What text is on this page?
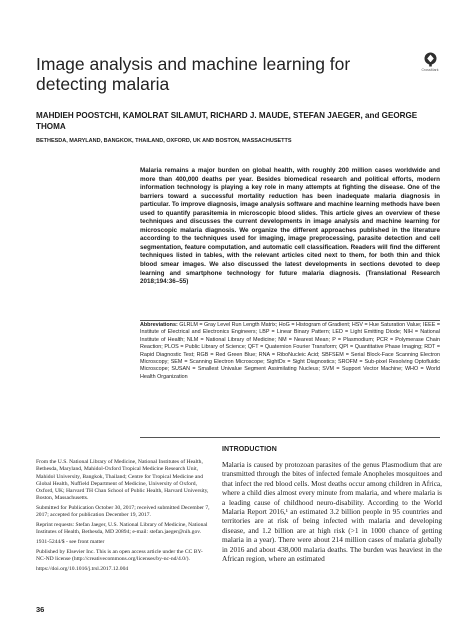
Image analysis and machine learning for detecting malaria
CrossMark
MAHDIEH POOSTCHI, KAMOLRAT SILAMUT, RICHARD J. MAUDE, STEFAN JAEGER, and GEORGE THOMA
BETHESDA, MARYLAND, BANGKOK, THAILAND, OXFORD, UK AND BOSTON, MASSACHUSETTS
Malaria remains a major burden on global health, with roughly 200 million cases worldwide and more than 400,000 deaths per year. Besides biomedical research and political efforts, modern information technology is playing a key role in many attempts at fighting the disease. One of the barriers toward a successful mortality reduction has been inadequate malaria diagnosis in particular. To improve diagnosis, image analysis software and machine learning methods have been used to quantify parasitemia in microscopic blood slides. This article gives an overview of these techniques and discusses the current developments in image analysis and machine learning for microscopic malaria diagnosis. We organize the different approaches published in the literature according to the techniques used for imaging, image preprocessing, parasite detection and cell segmentation, feature computation, and automatic cell classification. Readers will find the different techniques listed in tables, with the relevant articles cited next to them, for both thin and thick blood smear images. We also discussed the latest developments in sections devoted to deep learning and smartphone technology for future malaria diagnosis. (Translational Research 2018;194:36–55)
Abbreviations: GLRLM = Gray Level Run Length Matrix; HoG = Histogram of Gradient; HSV = Hue Saturation Value; IEEE = Institute of Electrical and Electronics Engineers; LBP = Linear Binary Pattern; LED = Light Emitting Diode; NIH = National Institute of Health; NLM = National Library of Medicine; NM = Nearest Mean; P = Plasmodium; PCR = Polymerase Chain Reaction; PLOS = Public Library of Science; QFT = Quaternion Fourier Transform; QPI = Quantitative Phase Imaging; RDT = Rapid Diagnostic Test; RGB = Red Green Blue; RNA = RiboNucleic Acid; SBFSEM = Serial Block-Face Scanning Electron Microscopy; SEM = Scanning Electron Microscope; SightDx = Sight Diagnostics; SROFM = Sub-pixel Resolving Optofluidic Microscope; SUSAN = Smallest Univalue Segment Assimilating Nucleus; SVM = Support Vector Machine; WHO = World Health Organization

From the U.S. National Library of Medicine, National Institutes of Health, Bethesda, Maryland, Mahidol-Oxford Tropical Medicine Research Unit, Mahidol University, Bangkok, Thailand; Centre for Tropical Medicine and Global Health, Nuffield Department of Medicine, University of Oxford, Oxford, UK; Harvard TH Chan School of Public Health, Harvard University, Boston, Massachusetts.

Submitted for Publication October 30, 2017; received submitted December 7, 2017; accepted for publication December 19, 2017.

Reprint requests: Stefan Jaeger, U.S. National Library of Medicine, National Institutes of Health, Bethesda, MD 20894; e-mail: stefan.jaeger@nih.gov.

1931-5244/$ - see front matter

Published by Elsevier Inc. This is an open access article under the CC BY-NC-ND license (http://creativecommons.org/licenses/by-nc-nd/4.0/).

https://doi.org/10.1016/j.trsl.2017.12.004

INTRODUCTION
Malaria is caused by protozoan parasites of the genus Plasmodium that are transmitted through the bites of infected female Anopheles mosquitoes and that infect the red blood cells. Most deaths occur among children in Africa, where a child dies almost every minute from malaria, and where malaria is a leading cause of childhood neuro-disability. According to the World Malaria Report 2016,¹ an estimated 3.2 billion people in 95 countries and territories are at risk of being infected with malaria and developing disease, and 1.2 billion are at high risk (>1 in 1000 chance of getting malaria in a year). There were about 214 million cases of malaria globally in 2016 and about 438,000 malaria deaths. The burden was heaviest in the African region, where an estimated
36
